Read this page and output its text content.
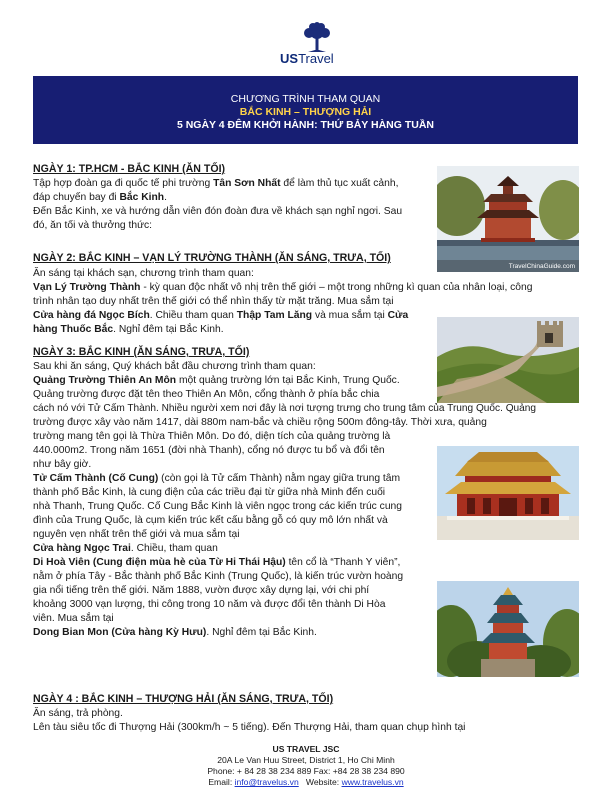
USTravel
CHƯƠNG TRÌNH THAM QUAN
BẮC KINH – THƯỢNG HẢI
5 NGÀY 4 ĐÊM KHỞI HÀNH: THỨ BẢY HÀNG TUẦN
TravelChinaGuide.com
NGÀY 1: TP.HCM - BẮC KINH (ĂN TỐI)
Tập hợp đoàn ga đi quốc tế phi trường Tân Sơn Nhất để làm thủ tục xuất cảnh,
đáp chuyến bay đi Bắc Kinh.
Đến Bắc Kinh, xe và hướng dẫn viên đón đoàn đưa về khách sạn nghỉ ngơi. Sau
đó, ăn tối và thưởng thức:
NGÀY 2: BẮC KINH – VẠN LÝ TRƯỜNG THÀNH (ĂN SÁNG, TRƯA, TỐI)
Ăn sáng tại khách sạn, chương trình tham quan:
Vạn Lý Trường Thành - kỳ quan độc nhất vô nhị trên thế giới – một trong những kì quan của nhân loại, công
trình nhân tạo duy nhất trên thế giới có thể nhìn thấy từ mặt trăng. Mua sắm tại
Cửa hàng đá Ngọc Bích. Chiều tham quan Thập Tam Lăng và mua sắm tại Cửa
hàng Thuốc Bắc. Nghỉ đêm tại Bắc Kinh.
NGÀY 3: BẮC KINH (ĂN SÁNG, TRƯA, TỐI)
Sau khi ăn sáng, Quý khách bắt đầu chương trình tham quan:
Quảng Trường Thiên An Môn một quảng trường lớn tại Bắc Kinh, Trung Quốc.
Quảng trường được đặt tên theo Thiên An Môn, cổng thành ở phía bắc chia
cách nó với Tử Cấm Thành. Nhiều người xem nơi đây là nơi tượng trưng cho trung tâm của Trung Quốc. Quảng
trường được xây vào năm 1417, dài 880m nam-bắc và chiều rộng 500m đông-tây. Thời xưa, quảng
trường mang tên gọi là Thừa Thiên Môn. Do đó, diện tích của quảng trường là
440.000m2. Trong năm 1651 (đời nhà Thanh), cổng nó được tu bổ và đổi tên
như bây giờ.
Tử Cấm Thành (Cố Cung) (còn gọi là Tử cấm Thành) nằm ngay giữa trung tâm
thành phố Bắc Kinh, là cung điện của các triều đại từ giữa nhà Minh đến cuối
nhà Thanh, Trung Quốc. Cố Cung Bắc Kinh là viên ngọc trong các kiến trúc cung
đình của Trung Quốc, là cụm kiến trúc kết cấu bằng gỗ có quy mô lớn nhất và
nguyên vẹn nhất trên thế giới và mua sắm tại
Cửa hàng Ngọc Trai. Chiều, tham quan
Di Hoà Viên (Cung điện mùa hè của Từ Hi Thái Hậu) tên cổ là “Thanh Y viên”,
nằm ở phía Tây - Bắc thành phố Bắc Kinh (Trung Quốc), là kiến trúc vườn hoàng
gia nổi tiếng trên thế giới. Năm 1888, vườn được xây dựng lại, với chi phí
khoảng 3000 vạn lượng, thi công trong 10 năm và được đổi tên thành Di Hòa
viên. Mua sắm tại
Dong Bian Mon (Cửa hàng Kỳ Hưu). Nghỉ đêm tại Bắc Kinh.
NGÀY 4 : BẮC KINH – THƯỢNG HẢI (ĂN SÁNG, TRƯA, TỐI)
Ăn sáng, trả phòng.
Lên tàu siêu tốc đi Thượng Hải (300km/h ~ 5 tiếng). Đến Thượng Hải, tham quan chụp hình tại
US TRAVEL JSC
20A Le Van Huu Street, District 1, Ho Chi Minh
Phone: + 84 28 38 234 889 Fax: +84 28 38 234 890
Email: info@travelus.vn   Website: www.travelus.vn
